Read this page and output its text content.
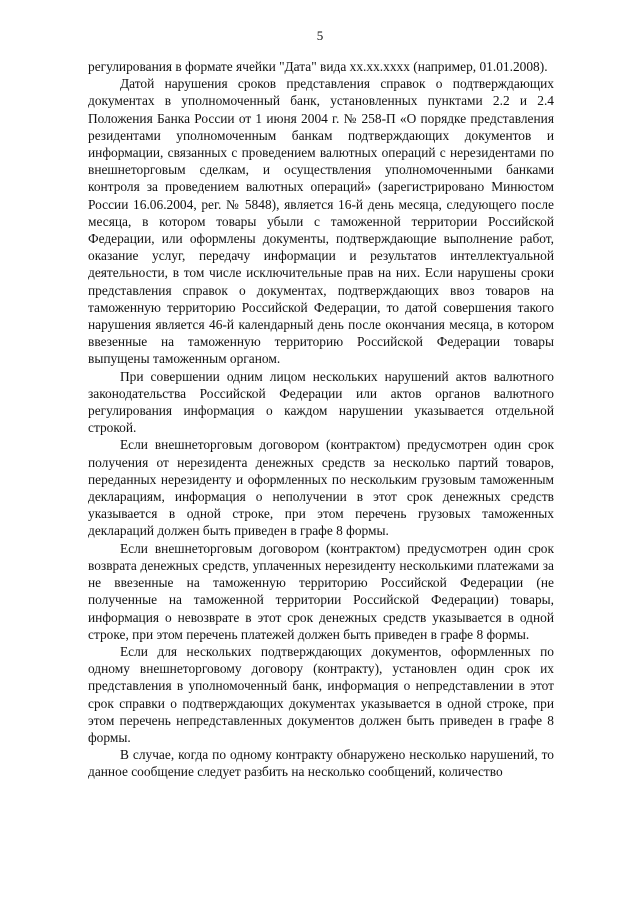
5

регулирования в формате ячейки "Дата" вида хх.хх.хххх (например, 01.01.2008).

Датой нарушения сроков представления справок о подтверждающих документах в уполномоченный банк, установленных пунктами 2.2 и 2.4 Положения Банка России от 1 июня 2004 г. № 258-П «О порядке представления резидентами уполномоченным банкам подтверждающих документов и информации, связанных с проведением валютных операций с нерезидентами по внешнеторговым сделкам, и осуществления уполномоченными банками контроля за проведением валютных операций» (зарегистрировано Минюстом России 16.06.2004, рег. № 5848), является 16-й день месяца, следующего после месяца, в котором товары убыли с таможенной территории Российской Федерации, или оформлены документы, подтверждающие выполнение работ, оказание услуг, передачу информации и результатов интеллектуальной деятельности, в том числе исключительные прав на них. Если нарушены сроки представления справок о документах, подтверждающих ввоз товаров на таможенную территорию Российской Федерации, то датой совершения такого нарушения является 46-й календарный день после окончания месяца, в котором ввезенные на таможенную территорию Российской Федерации товары выпущены таможенным органом.

При совершении одним лицом нескольких нарушений актов валютного законодательства Российской Федерации или актов органов валютного регулирования информация о каждом нарушении указывается отдельной строкой.

Если внешнеторговым договором (контрактом) предусмотрен один срок получения от нерезидента денежных средств за несколько партий товаров, переданных нерезиденту и оформленных по нескольким грузовым таможенным декларациям, информация о неполучении в этот срок денежных средств указывается в одной строке, при этом перечень грузовых таможенных деклараций должен быть приведен в графе 8 формы.

Если внешнеторговым договором (контрактом) предусмотрен один срок возврата денежных средств, уплаченных нерезиденту несколькими платежами за не ввезенные на таможенную территорию Российской Федерации (не полученные на таможенной территории Российской Федерации) товары, информация о невозврате в этот срок денежных средств указывается в одной строке, при этом перечень платежей должен быть приведен в графе 8 формы.

Если для нескольких подтверждающих документов, оформленных по одному внешнеторговому договору (контракту), установлен один срок их представления в уполномоченный банк, информация о непредставлении в этот срок справки о подтверждающих документах указывается в одной строке, при этом перечень непредставленных документов должен быть приведен в графе 8 формы.

В случае, когда по одному контракту обнаружено несколько нарушений, то данное сообщение следует разбить на несколько сообщений, количество
